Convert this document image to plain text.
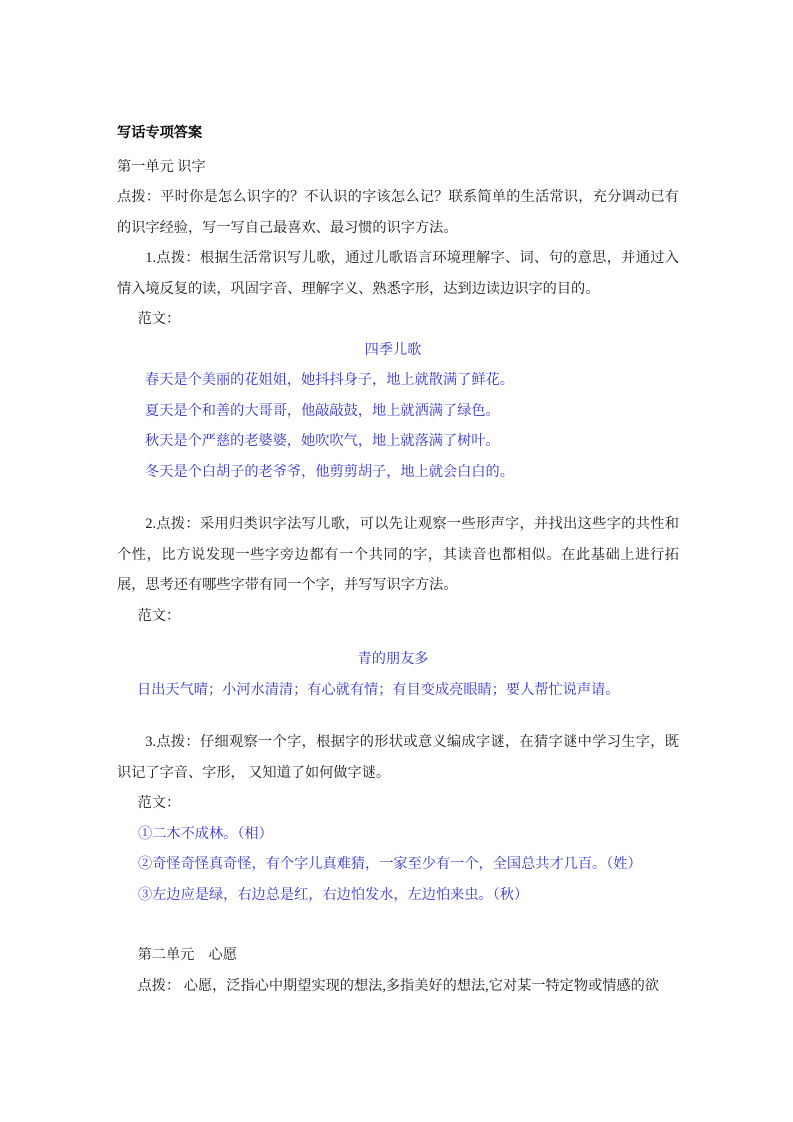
写话专项答案
第一单元 识字

点拨：平时你是怎么识字的？不认识的字该怎么记？联系简单的生活常识，充分调动已有的识字经验，写一写自己最喜欢、最习惯的识字方法。

1.点拨：根据生活常识写儿歌，通过儿歌语言环境理解字、词、句的意思，并通过入情入境反复的读，巩固字音、理解字义、熟悉字形，达到边读边识字的目的。

范文：
四季儿歌
春天是个美丽的花姐姐，她抖抖身子，地上就散满了鲜花。
夏天是个和善的大哥哥，他敲敲鼓，地上就洒满了绿色。
秋天是个严慈的老婆婆，她吹吹气，地上就落满了树叶。
冬天是个白胡子的老爷爷，他剪剪胡子，地上就会白白的。

2.点拨：采用归类识字法写儿歌，可以先让观察一些形声字，并找出这些字的共性和个性，比方说发现一些字旁边都有一个共同的字，其读音也都相似。在此基础上进行拓展，思考还有哪些字带有同一个字，并写写识字方法。

范文：
青的朋友多
日出天气晴；小河水清清；有心就有情；有目变成亮眼睛；要人帮忙说声请。

3.点拨：仔细观察一个字，根据字的形状或意义编成字谜，在猜字谜中学习生字，既识记了字音、字形， 又知道了如何做字谜。

范文：
①二木不成林。（相）
②奇怪奇怪真奇怪，有个字儿真难猜，一家至少有一个，全国总共才几百。（姓）
③左边应是绿，右边总是红，右边怕发水，左边怕来虫。（秋）
第二单元　心愿
点拨： 心愿，泛指心中期望实现的想法,多指美好的想法,它对某一特定物或情感的欲
